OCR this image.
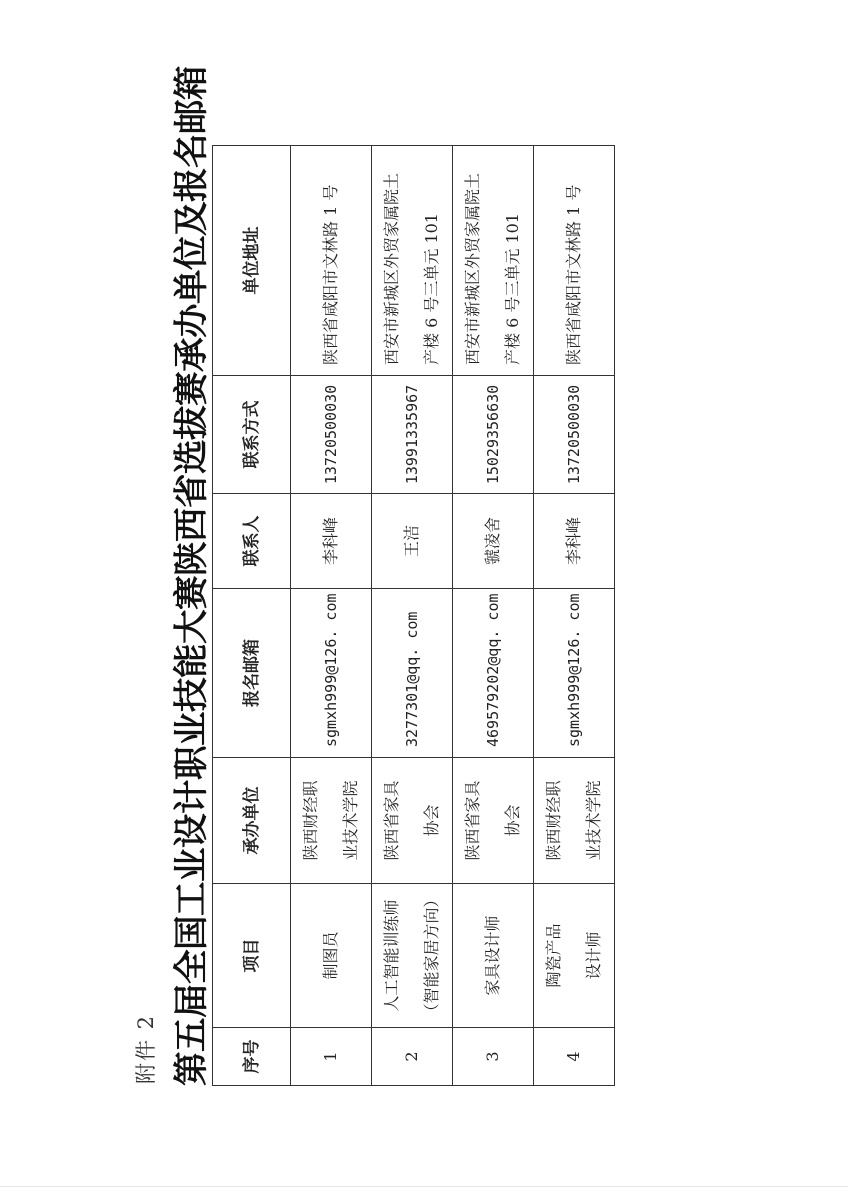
附件 2 第五届全国工业设计职业技能大赛陕西省选拔赛承办单位及报名邮箱 序号	项目	承办单位	报名邮箱	联系人	联系方式	单位地址
1	制图员	陕西财经职 业技术学院	sgmxh999@126. com	李科峰	13720500030	陕西省咸阳市文林路 1 号

2	人工智能训练师 （智能家居方向）	陕西省家具 协会	3277301@qq. com	王洁	13991335967	西安市新城区外贸家属院土 产楼 6 号三单元 101

3	家具设计师	陕西省家具 协会	469579202@qq. com	虢凌舍	15029356630	西安市新城区外贸家属院土 产楼 6 号三单元 101

4	陶瓷产品 设计师	陕西财经职 业技术学院	sgmxh999@126. com	李科峰	13720500030	陕西省咸阳市文林路 1 号
